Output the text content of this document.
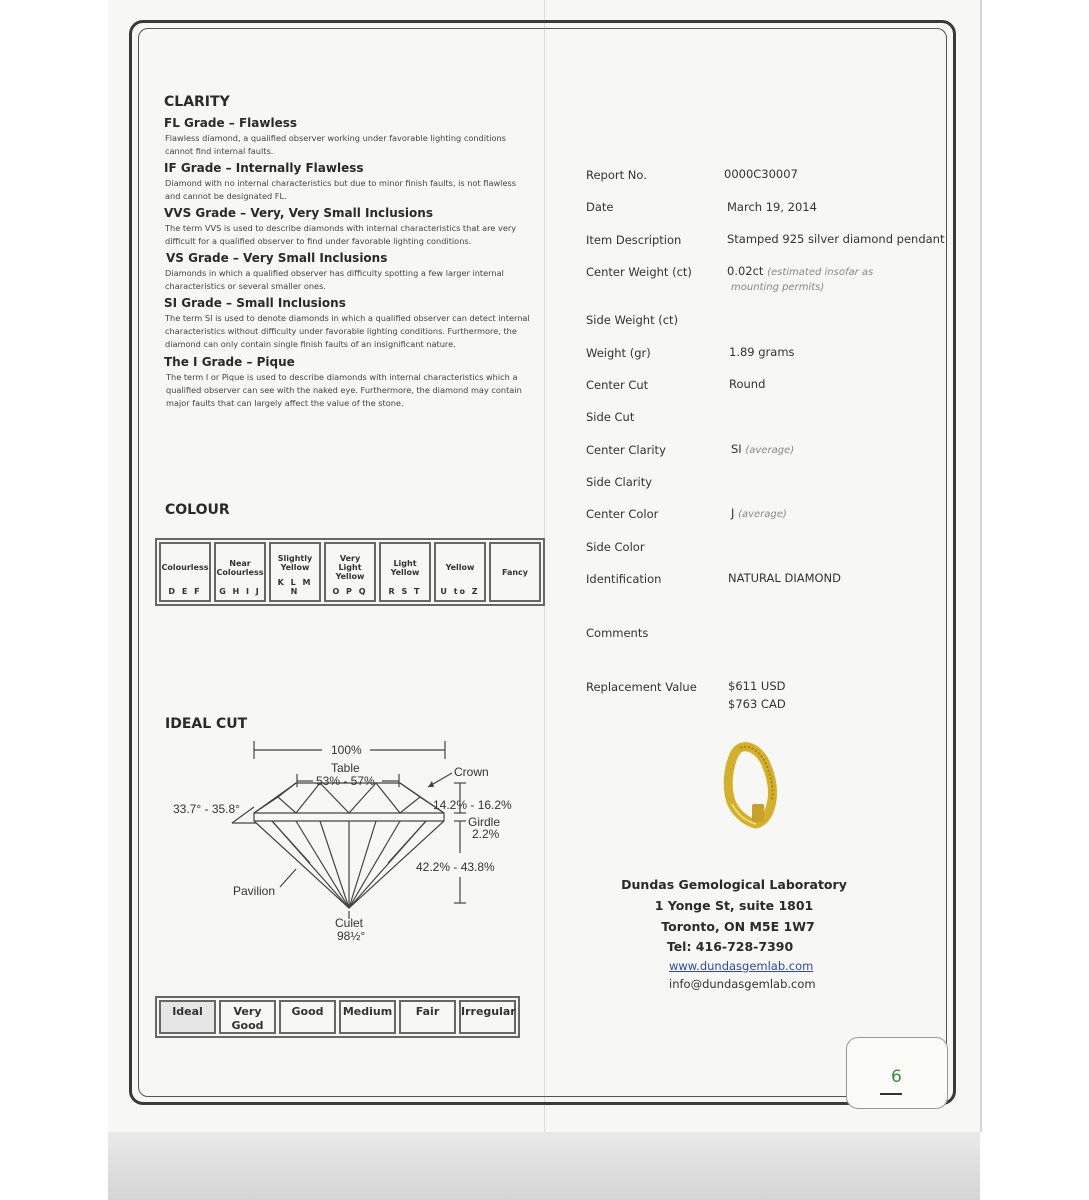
CLARITY
FL Grade – Flawless
Flawless diamond, a qualified observer working under favorable lighting conditions
cannot find internal faults.
IF Grade – Internally Flawless
Diamond with no internal characteristics but due to minor finish faults, is not flawless
and cannot be designated FL.
VVS Grade – Very, Very Small Inclusions
The term VVS is used to describe diamonds with internal characteristics that are very
difficult for a qualified observer to find under favorable lighting conditions.
VS Grade – Very Small Inclusions
Diamonds in which a qualified observer has difficulty spotting a few larger internal
characteristics or several smaller ones.
SI Grade – Small Inclusions
The term SI is used to denote diamonds in which a qualified observer can detect internal
characteristics without difficulty under favorable lighting conditions. Furthermore, the
diamond can only contain single finish faults of an insignificant nature.
The I Grade – Pique
The term I or Pique is used to describe diamonds with internal characteristics which a
qualified observer can see with the naked eye. Furthermore, the diamond may contain
major faults that can largely affect the value of the stone.
COLOUR
Colourless
D E F
Near Colourless
G H I J
Slightly Yellow
K L M N
Very Light Yellow
O P Q
Light Yellow
R S T
Yellow
U to Z
Fancy
IDEAL CUT
100%
Table
53% - 57%
Crown
33.7° - 35.8°	14.2% - 16.2%
Girdle
2.2%
42.2% - 43.8%
Pavilion
Culet
98½°
Ideal	Very Good
Good	Medium	Fair	Irregular
Report No.	0000C30007
Date	March 19, 2014
Item Description	Stamped 925 silver diamond pendant
Center Weight (ct)	0.02ct (estimated insofar as
mounting permits)
Side Weight (ct)
Weight (gr)	1.89 grams
Center Cut	Round
Side Cut
Center Clarity	SI (average)
Side Clarity
Center Color	J (average)
Side Color
Identification	NATURAL DIAMOND
Comments
Replacement Value	$611 USD
$763 CAD
Dundas Gemological Laboratory
1 Yonge St, suite 1801
Toronto, ON M5E 1W7
Tel: 416-728-7390
www.dundasgemlab.com
info@dundasgemlab.com
6
